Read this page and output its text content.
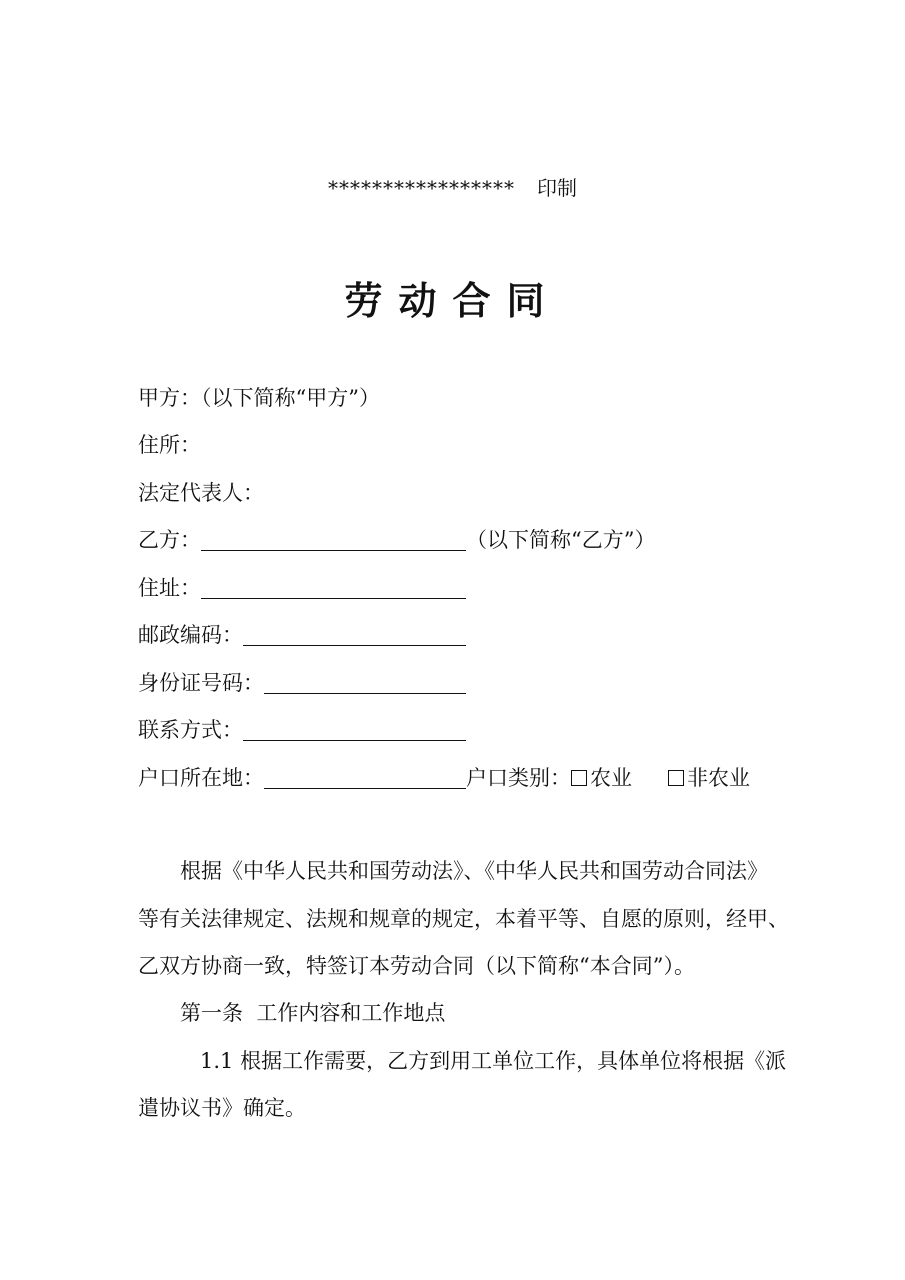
***************** 印制
劳动合同
甲方：（以下简称“甲方”）
住所：
法定代表人：
乙方：	（以下简称“乙方”）
住址：
邮政编码：
身份证号码：
联系方式：
户口所在地：	户口类别： 农业	非农业
根据《中华人民共和国劳动法》、《中华人民共和国劳动合同法》
等有关法律规定、法规和规章的规定，本着平等、自愿的原则，经甲、
乙双方协商一致，特签订本劳动合同（以下简称“本合同”）。
第一条  工作内容和工作地点
1.1 根据工作需要，乙方到用工单位工作，具体单位将根据《派
遣协议书》确定。
